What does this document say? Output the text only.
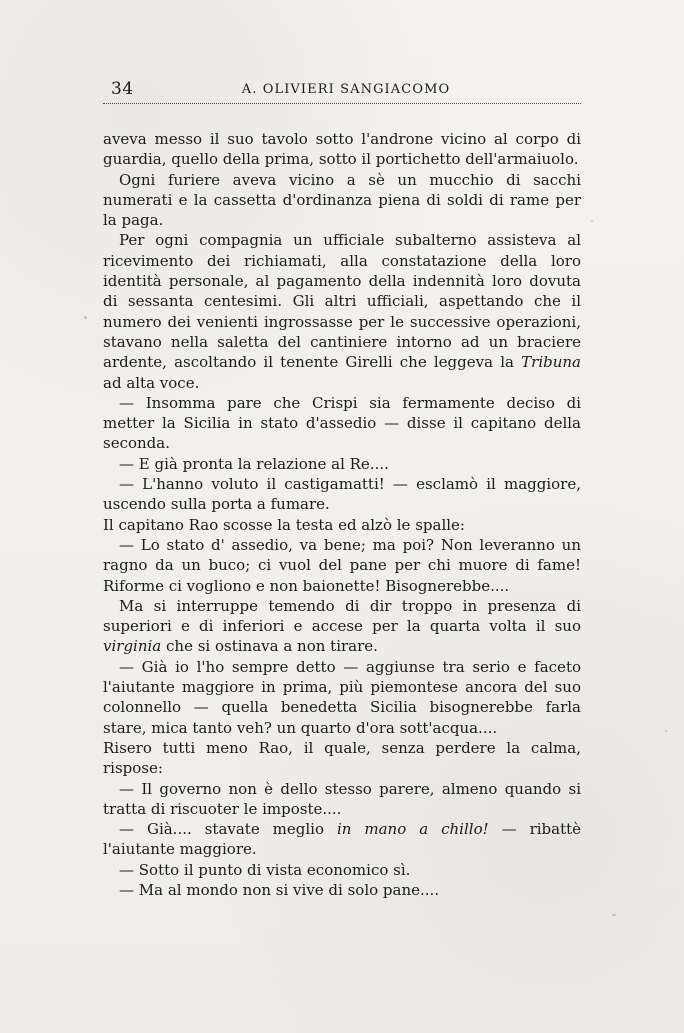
34	A. OLIVIERI SANGIACOMO

aveva messo il suo tavolo sotto l'androne vicino al corpo di guardia, quello della prima, sotto il portichetto dell'armaiuolo.

Ogni furiere aveva vicino a sè un mucchio di sacchi numerati e la cassetta d'ordinanza piena di soldi di rame per la paga.

Per ogni compagnia un ufficiale subalterno assisteva al ricevimento dei richiamati, alla constatazione della loro identità personale, al pagamento della indennità loro dovuta di sessanta centesimi. Gli altri ufficiali, aspettando che il numero dei venienti ingrossasse per le successive operazioni, stavano nella saletta del cantiniere intorno ad un braciere ardente, ascoltando il tenente Girelli che leggeva la Tribuna ad alta voce.

— Insomma pare che Crispi sia fermamente deciso di metter la Sicilia in stato d'assedio — disse il capitano della seconda.

— E già pronta la relazione al Re....

— L'hanno voluto il castigamatti! — esclamò il maggiore, uscendo sulla porta a fumare.

Il capitano Rao scosse la testa ed alzò le spalle:

— Lo stato d' assedio, va bene; ma poi? Non leveranno un ragno da un buco; ci vuol del pane per chi muore di fame! Riforme ci vogliono e non baionette! Bisognerebbe....

Ma si interruppe temendo di dir troppo in presenza di superiori e di inferiori e accese per la quarta volta il suo virginia che si ostinava a non tirare.

— Già io l'ho sempre detto — aggiunse tra serio e faceto l'aiutante maggiore in prima, più piemontese ancora del suo colonnello — quella benedetta Sicilia bisognerebbe farla stare, mica tanto veh? un quarto d'ora sott'acqua....

Risero tutti meno Rao, il quale, senza perdere la calma, rispose:

— Il governo non è dello stesso parere, almeno quando si tratta di riscuoter le imposte....

— Già.... stavate meglio in mano a chillo! — ribattè l'aiutante maggiore.

— Sotto il punto di vista economico sì.

— Ma al mondo non si vive di solo pane....
